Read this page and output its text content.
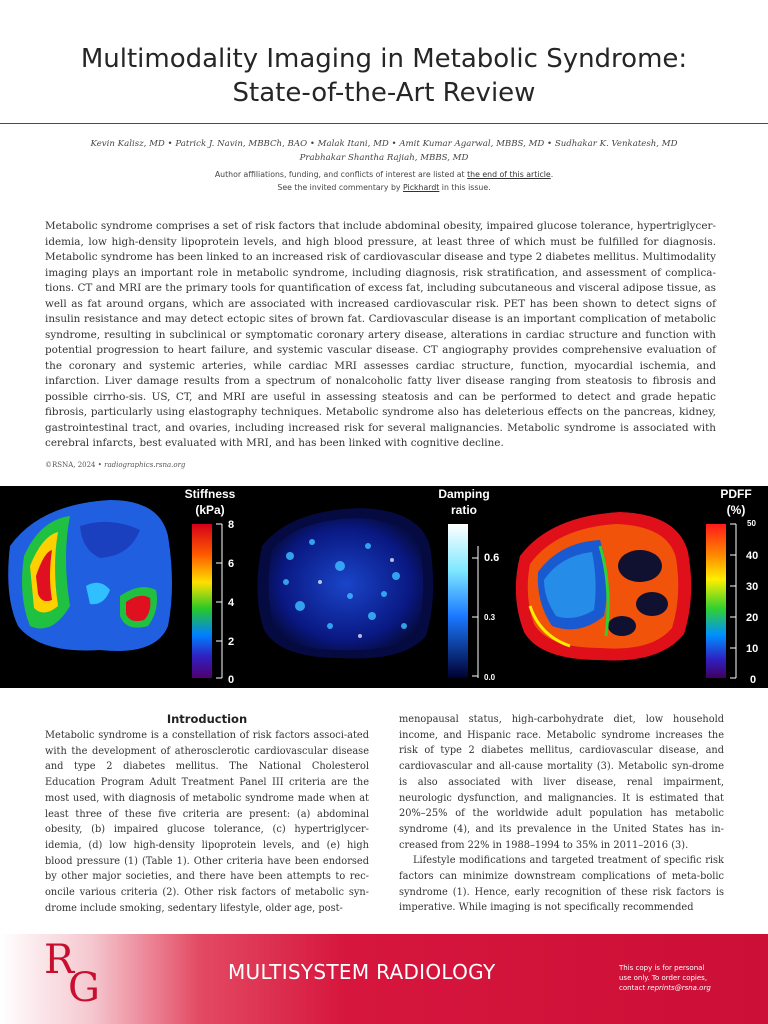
Multimodality Imaging in Metabolic Syndrome:
State-of-the-Art Review
Kevin Kalisz, MD • Patrick J. Navin, MBBCh, BAO • Malak Itani, MD • Amit Kumar Agarwal, MBBS, MD • Sudhakar K. Venkatesh, MD
Prabhakar Shantha Rajiah, MBBS, MD
Author affiliations, funding, and conflicts of interest are listed at the end of this article.
See the invited commentary by Pickhardt in this issue.
Metabolic syndrome comprises a set of risk factors that include abdominal obesity, impaired glucose tolerance, hypertriglycer-idemia, low high-density lipoprotein levels, and high blood pressure, at least three of which must be fulfilled for diagnosis. Metabolic syndrome has been linked to an increased risk of cardiovascular disease and type 2 diabetes mellitus. Multimodality imaging plays an important role in metabolic syndrome, including diagnosis, risk stratification, and assessment of complica-tions. CT and MRI are the primary tools for quantification of excess fat, including subcutaneous and visceral adipose tissue, as well as fat around organs, which are associated with increased cardiovascular risk. PET has been shown to detect signs of insulin resistance and may detect ectopic sites of brown fat. Cardiovascular disease is an important complication of metabolic syndrome, resulting in subclinical or symptomatic coronary artery disease, alterations in cardiac structure and function with potential progression to heart failure, and systemic vascular disease. CT angiography provides comprehensive evaluation of the coronary and systemic arteries, while cardiac MRI assesses cardiac structure, function, myocardial ischemia, and infarction. Liver damage results from a spectrum of nonalcoholic fatty liver disease ranging from steatosis to fibrosis and possible cirrho-sis. US, CT, and MRI are useful in assessing steatosis and can be performed to detect and grade hepatic fibrosis, particularly using elastography techniques. Metabolic syndrome also has deleterious effects on the pancreas, kidney, gastrointestinal tract, and ovaries, including increased risk for several malignancies. Metabolic syndrome is associated with cerebral infarcts, best evaluated with MRI, and has been linked with cognitive decline.
©RSNA, 2024 • radiographics.rsna.org
Stiffness
(kPa)
8
6
4
2
0
Damping
ratio
0.6
0.3
0.0
PDFF
(%)
50
40
30
20
10
0
Introduction

Metabolic syndrome is a constellation of risk factors associ-ated with the development of atherosclerotic cardiovascular disease and type 2 diabetes mellitus. The National Cholesterol Education Program Adult Treatment Panel III criteria are the most used, with diagnosis of metabolic syndrome made when at least three of these five criteria are present: (a) abdominal obesity, (b) impaired glucose tolerance, (c) hypertriglycer-idemia, (d) low high-density lipoprotein levels, and (e) high blood pressure (1) (Table 1). Other criteria have been endorsed by other major societies, and there have been attempts to rec-oncile various criteria (2). Other risk factors of metabolic syn-drome include smoking, sedentary lifestyle, older age, post-

menopausal status, high-carbohydrate diet, low household income, and Hispanic race. Metabolic syndrome increases the risk of type 2 diabetes mellitus, cardiovascular disease, and cardiovascular and all-cause mortality (3). Metabolic syn-drome is also associated with liver disease, renal impairment, neurologic dysfunction, and malignancies. It is estimated that 20%–25% of the worldwide adult population has metabolic syndrome (4), and its prevalence in the United States has in-creased from 22% in 1988–1994 to 35% in 2011–2016 (3).

Lifestyle modifications and targeted treatment of specific risk factors can minimize downstream complications of meta-bolic syndrome (1). Hence, early recognition of these risk factors is imperative. While imaging is not specifically recommended

R
G	MULTISYSTEM RADIOLOGY	This copy is for personal
use only. To order copies,
contact reprints@rsna.org
